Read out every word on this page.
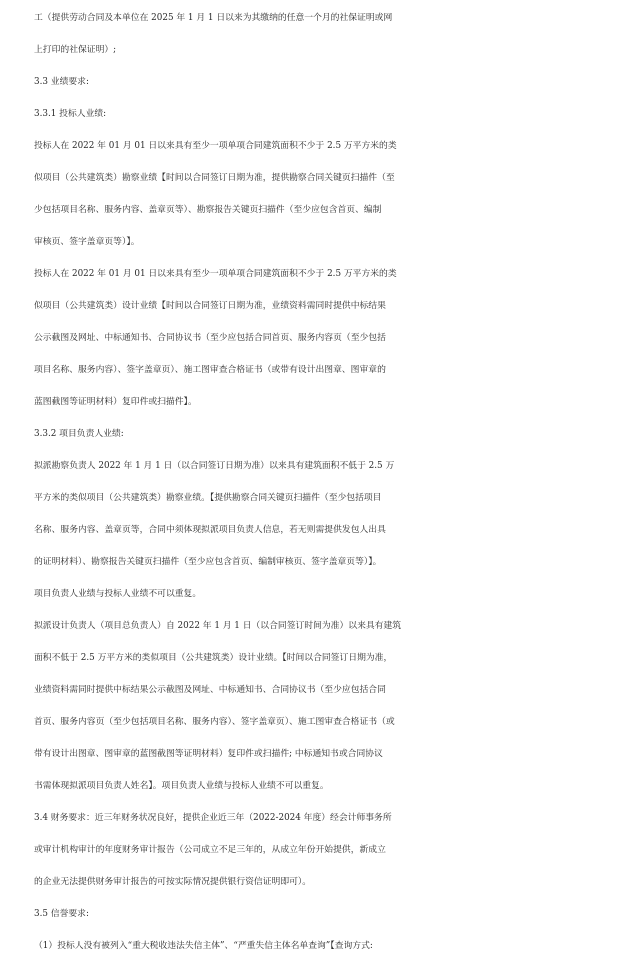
工（提供劳动合同及本单位在 2025 年 1 月 1 日以来为其缴纳的任意一个月的社保证明或网
上打印的社保证明）;
3.3 业绩要求:
3.3.1 投标人业绩:
投标人在 2022 年 01 月 01 日以来具有至少一项单项合同建筑面积不少于 2.5 万平方米的类
似项目（公共建筑类）勘察业绩【时间以合同签订日期为准，提供勘察合同关键页扫描件（至
少包括项目名称、服务内容、盖章页等）、勘察报告关键页扫描件（至少应包含首页、编制
审核页、签字盖章页等）】。
投标人在 2022 年 01 月 01 日以来具有至少一项单项合同建筑面积不少于 2.5 万平方米的类
似项目（公共建筑类）设计业绩【时间以合同签订日期为准，业绩资料需同时提供中标结果
公示截图及网址、中标通知书、合同协议书（至少应包括合同首页、服务内容页（至少包括
项目名称、服务内容）、签字盖章页）、施工图审查合格证书（或带有设计出图章、图审章的
蓝图截图等证明材料）复印件或扫描件】。
3.3.2 项目负责人业绩:
拟派勘察负责人 2022 年 1 月 1 日（以合同签订日期为准）以来具有建筑面积不低于 2.5 万
平方米的类似项目（公共建筑类）勘察业绩。【提供勘察合同关键页扫描件（至少包括项目
名称、服务内容、盖章页等，合同中须体现拟派项目负责人信息，若无则需提供发包人出具
的证明材料）、勘察报告关键页扫描件（至少应包含首页、编制审核页、签字盖章页等）】。
项目负责人业绩与投标人业绩不可以重复。
拟派设计负责人（项目总负责人）自 2022 年 1 月 1 日（以合同签订时间为准）以来具有建筑
面积不低于 2.5 万平方米的类似项目（公共建筑类）设计业绩。【时间以合同签订日期为准，
业绩资料需同时提供中标结果公示截图及网址、中标通知书、合同协议书（至少应包括合同
首页、服务内容页（至少包括项目名称、服务内容）、签字盖章页）、施工图审查合格证书（或
带有设计出图章、图审章的蓝图截图等证明材料）复印件或扫描件; 中标通知书或合同协议
书需体现拟派项目负责人姓名】。项目负责人业绩与投标人业绩不可以重复。
3.4 财务要求：近三年财务状况良好，提供企业近三年（2022-2024 年度）经会计师事务所
或审计机构审计的年度财务审计报告（公司成立不足三年的，从成立年份开始提供，新成立
的企业无法提供财务审计报告的可按实际情况提供银行资信证明即可）。
3.5 信誉要求:
（1）投标人没有被列入“重大税收违法失信主体”、“严重失信主体名单查询”【查询方式:
